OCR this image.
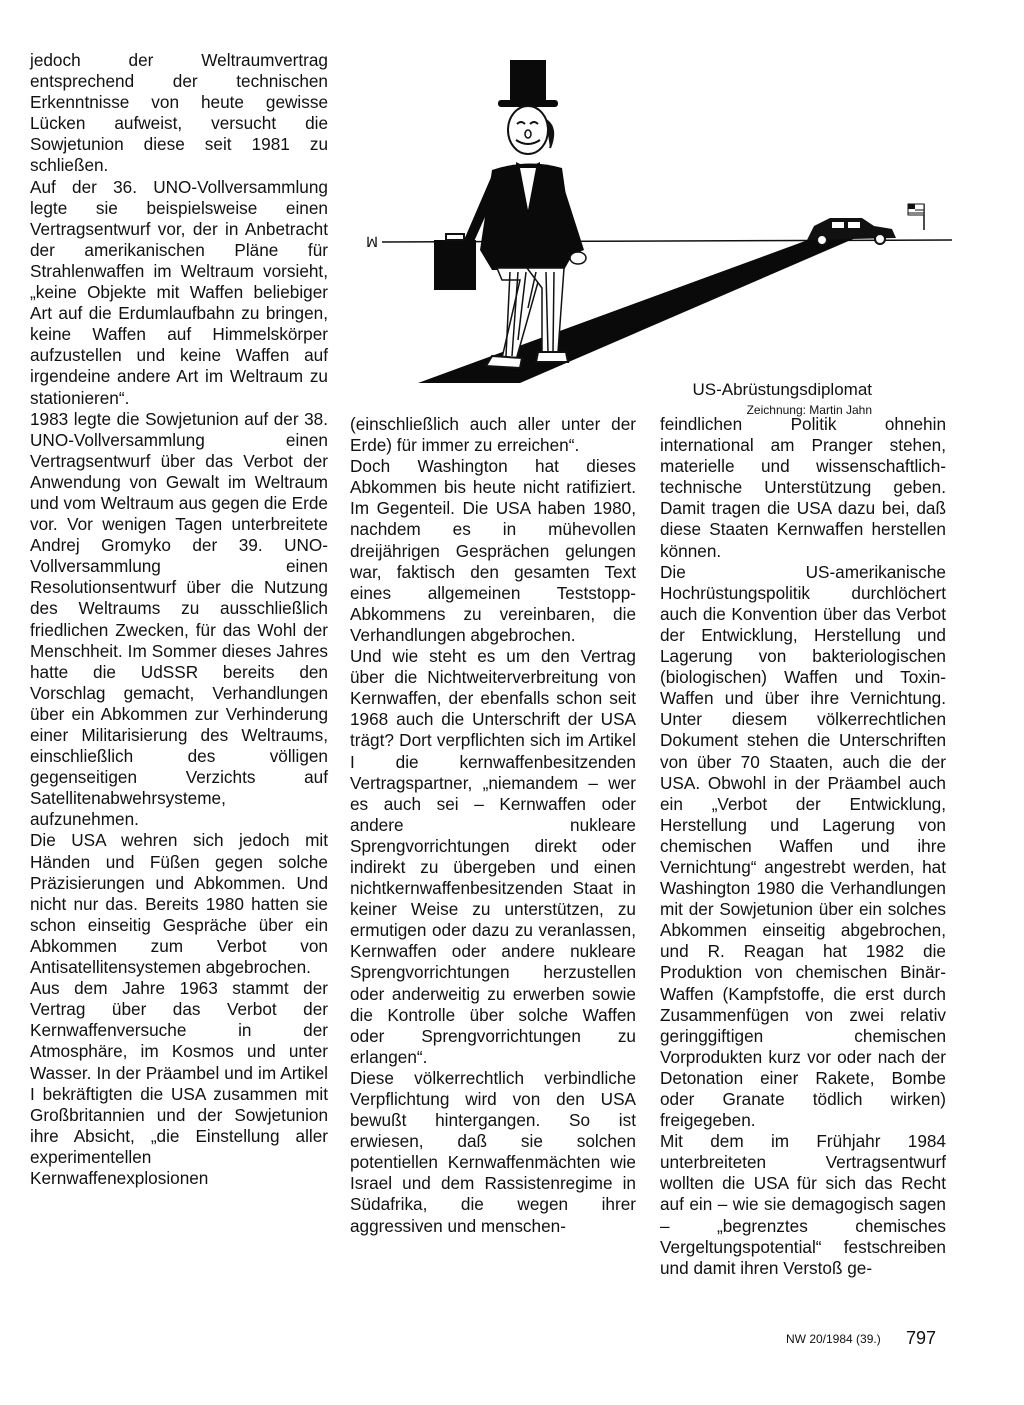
jedoch der Weltraumvertrag entsprechend der technischen Erkenntnisse von heute gewisse Lücken aufweist, versucht die Sowjetunion diese seit 1981 zu schließen.

Auf der 36. UNO-Vollversammlung legte sie beispielsweise einen Vertragsentwurf vor, der in Anbetracht der amerikanischen Pläne für Strahlenwaffen im Weltraum vorsieht, „keine Objekte mit Waffen beliebiger Art auf die Erdumlaufbahn zu bringen, keine Waffen auf Himmelskörper aufzustellen und keine Waffen auf irgendeine andere Art im Weltraum zu stationieren“.

1983 legte die Sowjetunion auf der 38. UNO-Vollversammlung einen Vertragsentwurf über das Verbot der Anwendung von Gewalt im Weltraum und vom Weltraum aus gegen die Erde vor. Vor wenigen Tagen unterbreitete Andrej Gromyko der 39. UNO-Vollversammlung einen Resolutionsentwurf über die Nutzung des Weltraums zu ausschließlich friedlichen Zwecken, für das Wohl der Menschheit. Im Sommer dieses Jahres hatte die UdSSR bereits den Vorschlag gemacht, Verhandlungen über ein Abkommen zur Verhinderung einer Militarisierung des Weltraums, einschließlich des völligen gegenseitigen Verzichts auf Satellitenabwehrsysteme, aufzunehmen.

Die USA wehren sich jedoch mit Händen und Füßen gegen solche Präzisierungen und Abkommen. Und nicht nur das. Bereits 1980 hatten sie schon einseitig Gespräche über ein Abkommen zum Verbot von Antisatellitensystemen abgebrochen.

Aus dem Jahre 1963 stammt der Vertrag über das Verbot der Kernwaffenversuche in der Atmosphäre, im Kosmos und unter Wasser. In der Präambel und im Artikel I bekräftigten die USA zusammen mit Großbritannien und der Sowjetunion ihre Absicht, „die Einstellung aller experimentellen Kernwaffenexplosionen

ꟽ
US-Abrüstungsdiplomat
Zeichnung: Martin Jahn

(einschließlich auch aller unter der Erde) für immer zu erreichen“.

Doch Washington hat dieses Abkommen bis heute nicht ratifiziert. Im Gegenteil. Die USA haben 1980, nachdem es in mühevollen dreijährigen Gesprächen gelungen war, faktisch den gesamten Text eines allgemeinen Teststopp-Abkommens zu vereinbaren, die Verhandlungen abgebrochen.

Und wie steht es um den Vertrag über die Nichtweiterverbreitung von Kernwaffen, der ebenfalls schon seit 1968 auch die Unterschrift der USA trägt? Dort verpflichten sich im Artikel I die kernwaffenbesitzenden Vertragspartner, „niemandem – wer es auch sei – Kernwaffen oder andere nukleare Sprengvorrichtungen direkt oder indirekt zu übergeben und einen nichtkernwaffenbesitzenden Staat in keiner Weise zu unterstützen, zu ermutigen oder dazu zu veranlassen, Kernwaffen oder andere nukleare Sprengvorrichtungen herzustellen oder anderweitig zu erwerben sowie die Kontrolle über solche Waffen oder Sprengvorrichtungen zu erlangen“.

Diese völkerrechtlich verbindliche Verpflichtung wird von den USA bewußt hintergangen. So ist erwiesen, daß sie solchen potentiellen Kernwaffenmächten wie Israel und dem Rassistenregime in Südafrika, die wegen ihrer aggressiven und menschen-

feindlichen Politik ohnehin international am Pranger stehen, materielle und wissenschaftlich-technische Unterstützung geben. Damit tragen die USA dazu bei, daß diese Staaten Kernwaffen herstellen können.

Die US-amerikanische Hochrüstungspolitik durchlöchert auch die Konvention über das Verbot der Entwicklung, Herstellung und Lagerung von bakteriologischen (biologischen) Waffen und Toxin-Waffen und über ihre Vernichtung. Unter diesem völkerrechtlichen Dokument stehen die Unterschriften von über 70 Staaten, auch die der USA. Obwohl in der Präambel auch ein „Verbot der Entwicklung, Herstellung und Lagerung von chemischen Waffen und ihre Vernichtung“ angestrebt werden, hat Washington 1980 die Verhandlungen mit der Sowjetunion über ein solches Abkommen einseitig abgebrochen, und R. Reagan hat 1982 die Produktion von chemischen Binär-Waffen (Kampfstoffe, die erst durch Zusammenfügen von zwei relativ geringgiftigen chemischen Vorprodukten kurz vor oder nach der Detonation einer Rakete, Bombe oder Granate tödlich wirken) freigegeben.

Mit dem im Frühjahr 1984 unterbreiteten Vertragsentwurf wollten die USA für sich das Recht auf ein – wie sie demagogisch sagen – „begrenztes chemisches Vergeltungspotential“ festschreiben und damit ihren Verstoß ge-

NW 20/1984 (39.) 797
